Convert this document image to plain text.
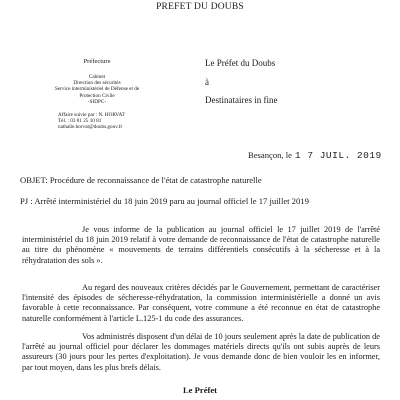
PREFET DU DOUBS
Préfecture
Cabinet
Direction des sécurités
Service interministériel de Défense et de
Protection Civile
-SIDPC-
Affaire suivie par : N. HORVAT
Tél. : 03 81 25 10 81
nathalie.horvat@doubs.gouv.fr
Le Préfet du Doubs
à
Destinataires in fine
Besançon, le 1 7 JUIL. 2019
OBJET: Procédure de reconnaissance de l'état de catastrophe naturelle
PJ : Arrêté interministériel du 18 juin 2019 paru au journal officiel le 17 juillet 2019
Je vous informe de la publication au journal officiel le 17 juillet 2019 de l'arrêté interministériel du 18 juin 2019 relatif à votre demande de reconnaissance de l'état de catastrophe naturelle au titre du phénomène « mouvements de terrains différentiels consécutifs à la sécheresse et à la réhydratation des sols ».
Au regard des nouveaux critères décidés par le Gouvernement, permettant de caractériser l'intensité des épisodes de sécheresse-réhydratation, la commission interministérielle a donné un avis favorable à cette reconnaissance. Par conséquent, votre commune a été reconnue en état de catastrophe naturelle conformément à l'article L.125-1 du code des assurances.
Vos administrés disposent d'un délai de 10 jours seulement après la date de publication de l'arrêté au journal officiel pour déclarer les dommages matériels directs qu'ils ont subis auprès de leurs assureurs (30 jours pour les pertes d'exploitation). Je vous demande donc de bien vouloir les en informer, par tout moyen, dans les plus brefs délais.
Le Préfet
